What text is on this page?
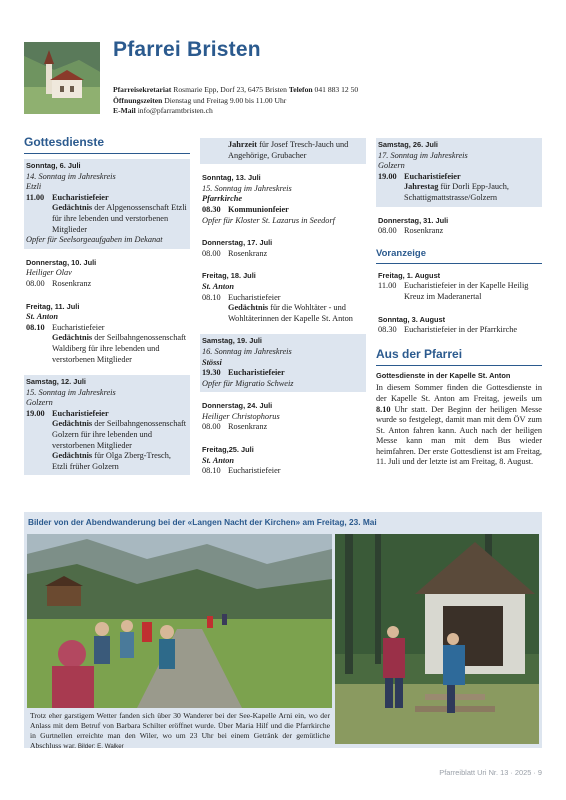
Pfarrei Bristen
Pfarreisekretariat Rosmarie Epp, Dorf 23, 6475 Bristen Telefon 041 883 12 50
Öffnungszeiten Dienstag und Freitag 9.00 bis 11.00 Uhr
E-Mail info@pfarramtbristen.ch
Gottesdienste
Sonntag, 6. Juli
14. Sonntag im Jahreskreis
Etzli
11.00 Eucharistiefeier
Gedächtnis der Alpgenossenschaft Etzli für ihre lebenden und verstorbenen Mitglieder
Opfer für Seelsorgeaufgaben im Dekanat
Donnerstag, 10. Juli
Heiliger Olav
08.00 Rosenkranz
Freitag, 11. Juli
St. Anton
08.10 Eucharistiefeier
Gedächtnis der Seilbahngenossenschaft Waldiberg für ihre lebenden und verstorbenen Mitglieder
Samstag, 12. Juli
15. Sonntag im Jahreskreis
Golzern
19.00 Eucharistiefeier
Gedächtnis der Seilbahngenossenschaft Golzern für ihre lebenden und verstorbenen Mitglieder
Gedächtnis für Olga Zberg-Tresch, Etzli früher Golzern
Jahrzeit für Josef Tresch-Jauch und Angehörige, Grubacher
Sonntag, 13. Juli
15. Sonntag im Jahreskreis
Pfarrkirche
08.30 Kommunionfeier
Opfer für Kloster St. Lazarus in Seedorf
Donnerstag, 17. Juli
08.00 Rosenkranz
Freitag, 18. Juli
St. Anton
08.10 Eucharistiefeier
Gedächtnis für die Wohltäter - und Wohltäterinnen der Kapelle St. Anton
Samstag, 19. Juli
16. Sonntag im Jahreskreis
Stössi
19.30 Eucharistiefeier
Opfer für Migratio Schweiz
Donnerstag, 24. Juli
Heiliger Christophorus
08.00 Rosenkranz
Freitag,25. Juli
St. Anton
08.10 Eucharistiefeier
Samstag, 26. Juli
17. Sonntag im Jahreskreis
Golzern
19.00 Eucharistiefeier
Jahrestag für Dorli Epp-Jauch, Schattigmattstrasse/Golzern
Donnerstag, 31. Juli
08.00 Rosenkranz
Voranzeige
Freitag, 1. August
11.00 Eucharistiefeier in der Kapelle Heilig Kreuz im Maderanertal
Sonntag, 3. August
08.30 Eucharistiefeier in der Pfarrkirche
Aus der Pfarrei
Gottesdienste in der Kapelle St. Anton
In diesem Sommer finden die Gottesdienste in der Kapelle St. Anton am Freitag, jeweils um 8.10 Uhr statt. Der Beginn der heiligen Messe wurde so festgelegt, damit man mit dem ÖV zum St. Anton fahren kann. Auch nach der heiligen Messe kann man mit dem Bus wieder heimfahren. Der erste Gottesdienst ist am Freitag, 11. Juli und der letzte ist am Freitag, 8. August.
Bilder von der Abendwanderung bei der «Langen Nacht der Kirchen» am Freitag, 23. Mai
Trotz eher garstigem Wetter fanden sich über 30 Wanderer bei der See-Kapelle Arni ein, wo der Anlass mit dem Betruf von Barbara Schilter eröffnet wurde. Über Maria Hilf und die Pfarrkirche in Gurtnellen erreichte man den Wiler, wo um 23 Uhr bei einem Getränk der gemütliche Abschluss war. Bilder: E. Walker
Pfarreiblatt Uri Nr. 13 · 2025 · 9
